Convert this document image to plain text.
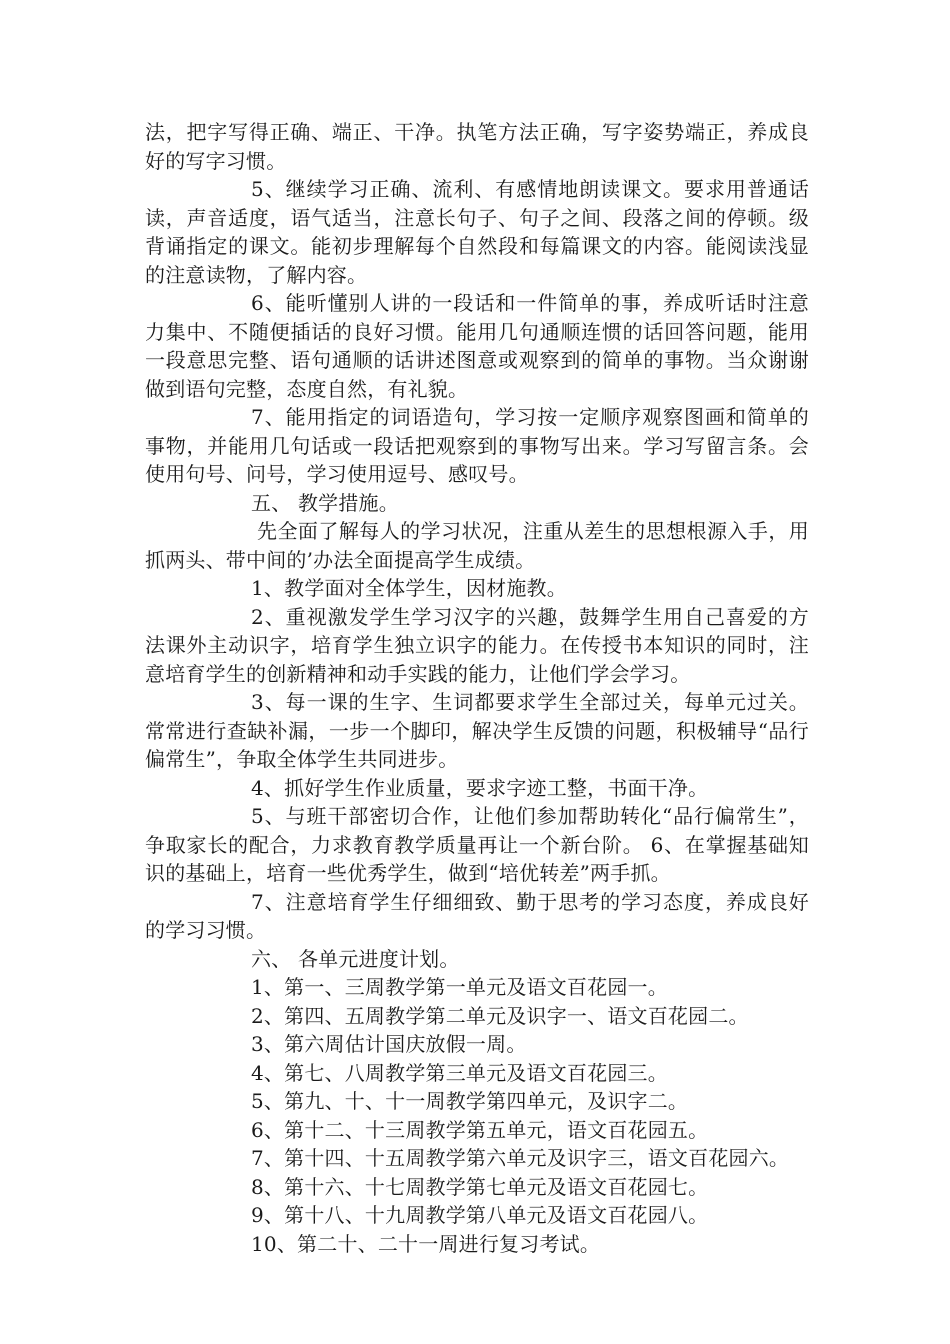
法，把字写得正确、端正、干净。执笔方法正确，写字姿势端正，养成良好的写字习惯。

5、继续学习正确、流利、有感情地朗读课文。要求用普通话读，声音适度，语气适当，注意长句子、句子之间、段落之间的停顿。级背诵指定的课文。能初步理解每个自然段和每篇课文的内容。能阅读浅显的注意读物，了解内容。

6、能听懂别人讲的一段话和一件简单的事，养成听话时注意力集中、不随便插话的良好习惯。能用几句通顺连惯的话回答问题，能用一段意思完整、语句通顺的话讲述图意或观察到的简单的事物。当众谢谢做到语句完整，态度自然，有礼貌。

7、能用指定的词语造句，学习按一定顺序观察图画和简单的事物，并能用几句话或一段话把观察到的事物写出来。学习写留言条。会使用句号、问号，学习使用逗号、感叹号。

五、 教学措施。

先全面了解每人的学习状况，注重从差生的思想根源入手，用抓两头、带中间的’办法全面提高学生成绩。

1、教学面对全体学生，因材施教。

2、重视激发学生学习汉字的兴趣，鼓舞学生用自己喜爱的方法课外主动识字，培育学生独立识字的能力。在传授书本知识的同时，注意培育学生的创新精神和动手实践的能力，让他们学会学习。

3、每一课的生字、生词都要求学生全部过关，每单元过关。常常进行查缺补漏，一步一个脚印，解决学生反馈的问题，积极辅导“品行偏常生”，争取全体学生共同进步。

4、抓好学生作业质量，要求字迹工整，书面干净。

5、与班干部密切合作，让他们参加帮助转化“品行偏常生”，争取家长的配合，力求教育教学质量再让一个新台阶。 6、在掌握基础知识的基础上，培育一些优秀学生，做到“培优转差”两手抓。

7、注意培育学生仔细细致、勤于思考的学习态度，养成良好的学习习惯。

六、 各单元进度计划。

1、第一、三周教学第一单元及语文百花园一。

2、第四、五周教学第二单元及识字一、语文百花园二。

3、第六周估计国庆放假一周。

4、第七、八周教学第三单元及语文百花园三。

5、第九、十、十一周教学第四单元，及识字二。

6、第十二、十三周教学第五单元，语文百花园五。

7、第十四、十五周教学第六单元及识字三，语文百花园六。

8、第十六、十七周教学第七单元及语文百花园七。

9、第十八、十九周教学第八单元及语文百花园八。

10、第二十、二十一周进行复习考试。
